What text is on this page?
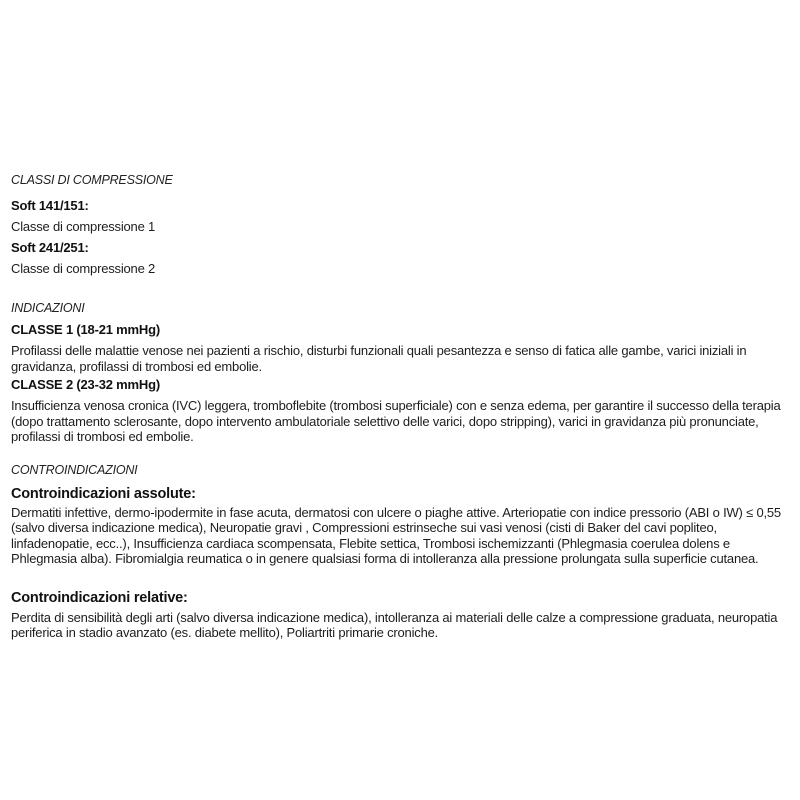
CLASSI DI COMPRESSIONE
Soft 141/151:
Classe di compressione 1
Soft 241/251:
Classe di compressione 2
INDICAZIONI
CLASSE 1 (18-21 mmHg)
Profilassi delle malattie venose nei pazienti a rischio, disturbi funzionali quali pesantezza e senso di fatica alle gambe, varici iniziali in gravidanza, profilassi di trombosi ed embolie.
CLASSE 2 (23-32 mmHg)
Insufficienza venosa cronica (IVC) leggera, tromboflebite (trombosi superficiale) con e senza edema, per garantire il successo della terapia (dopo trattamento sclerosante, dopo intervento ambulatoriale selettivo delle varici, dopo stripping), varici in gravidanza più pronunciate, profilassi di trombosi ed embolie.
CONTROINDICAZIONI
Controindicazioni assolute:
Dermatiti infettive, dermo-ipodermite in fase acuta, dermatosi con ulcere o piaghe attive. Arteriopatie con indice pressorio (ABI o IW) ≤ 0,55 (salvo diversa indicazione medica), Neuropatie gravi , Compressioni estrinseche sui vasi venosi (cisti di Baker del cavi popliteo, linfadenopatie, ecc..), Insufficienza cardiaca scompensata, Flebite settica, Trombosi ischemizzanti (Phlegmasia coerulea dolens e Phlegmasia alba). Fibromialgia reumatica o in genere qualsiasi forma di intolleranza alla pressione prolungata sulla superficie cutanea.
Controindicazioni relative:
Perdita di sensibilità degli arti (salvo diversa indicazione medica), intolleranza ai materiali delle calze a compressione graduata, neuropatia periferica in stadio avanzato (es. diabete mellito), Poliartriti primarie croniche.
